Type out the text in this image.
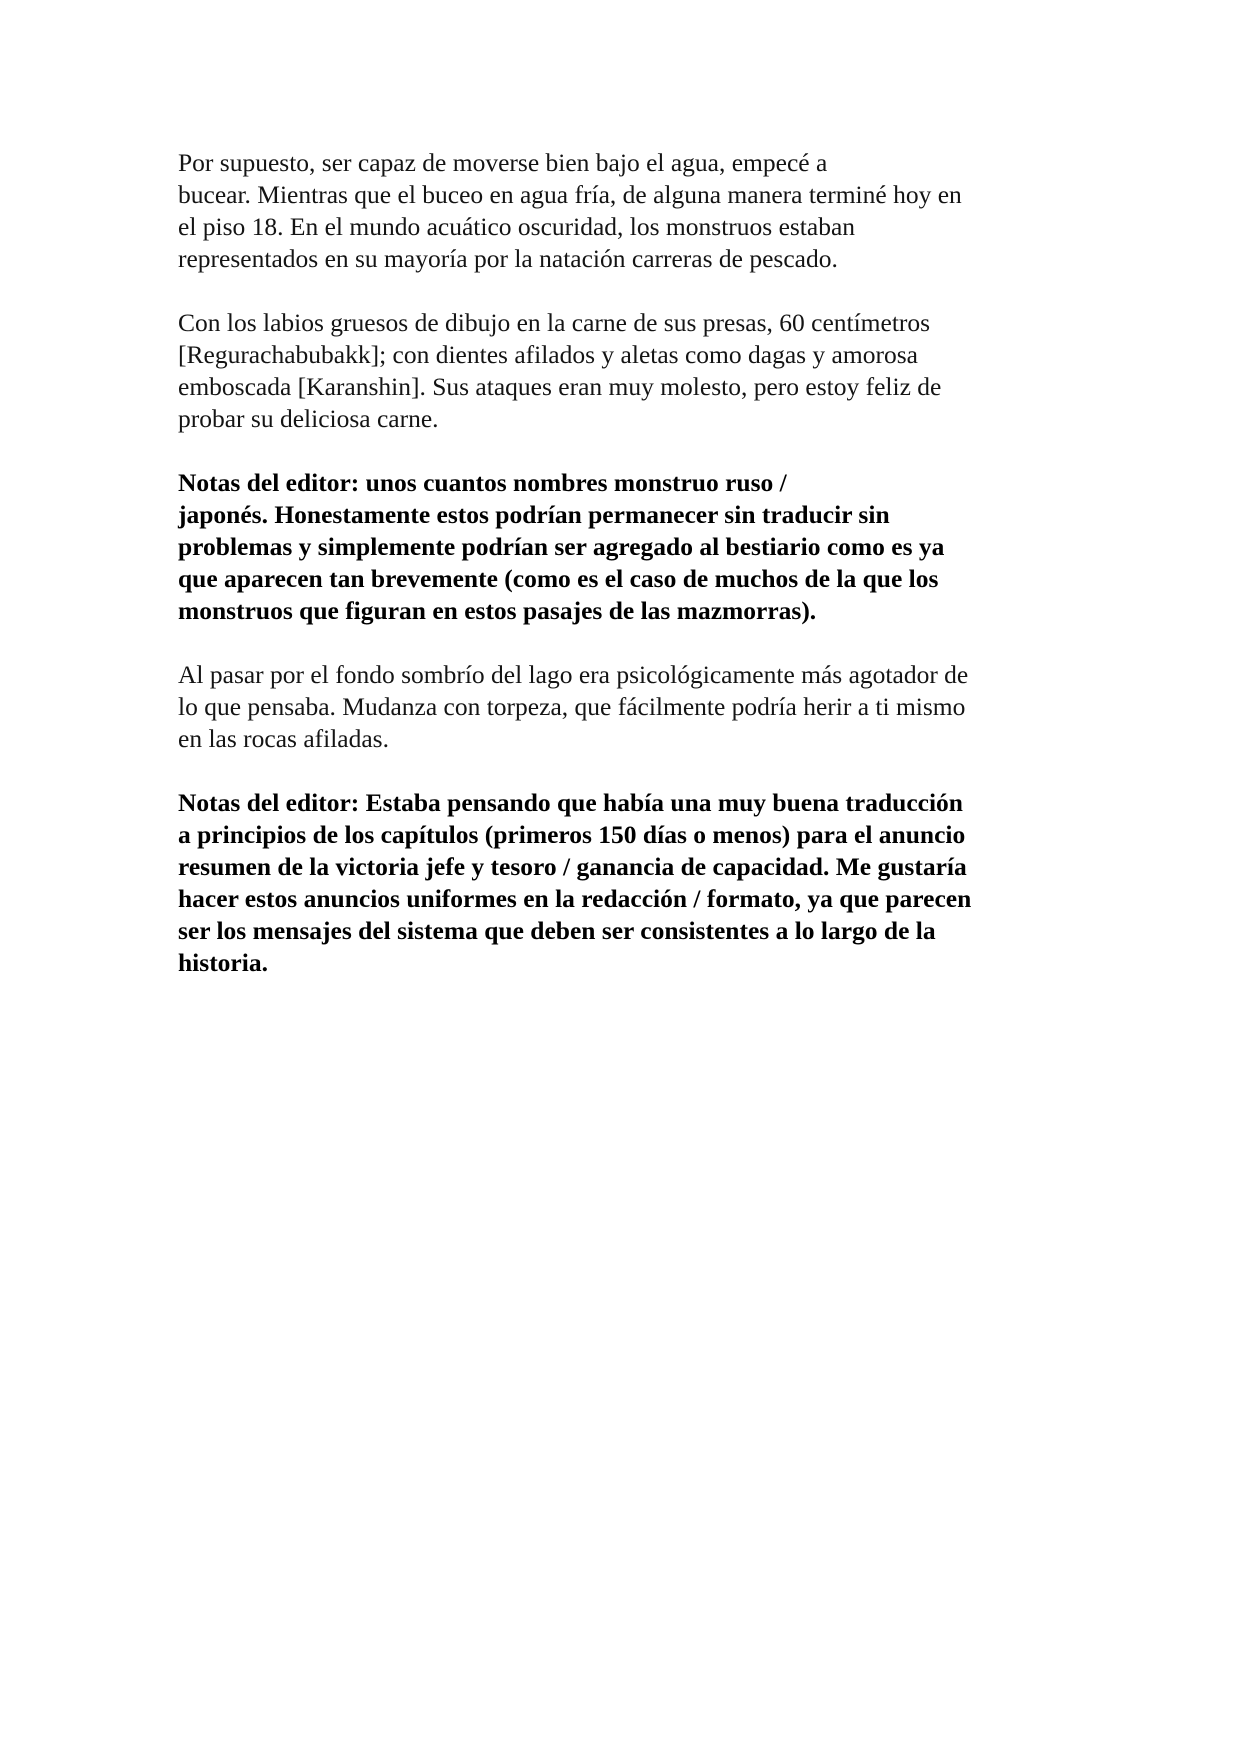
Por supuesto, ser capaz de moverse bien bajo el agua, empecé a
bucear. Mientras que el buceo en agua fría, de alguna manera terminé hoy en
el piso 18. En el mundo acuático oscuridad, los monstruos estaban
representados en su mayoría por la natación carreras de pescado.

Con los labios gruesos de dibujo en la carne de sus presas, 60 centímetros
[Regurachabubakk]; con dientes afilados y aletas como dagas y amorosa
emboscada [Karanshin]. Sus ataques eran muy molesto, pero estoy feliz de
probar su deliciosa carne.

Notas del editor: unos cuantos nombres monstruo ruso /
japonés. Honestamente estos podrían permanecer sin traducir sin
problemas y simplemente podrían ser agregado al bestiario como es ya
que aparecen tan brevemente (como es el caso de muchos de la que los
monstruos que figuran en estos pasajes de las mazmorras).

Al pasar por el fondo sombrío del lago era psicológicamente más agotador de
lo que pensaba. Mudanza con torpeza, que fácilmente podría herir a ti mismo
en las rocas afiladas.

Notas del editor: Estaba pensando que había una muy buena traducción
a principios de los capítulos (primeros 150 días o menos) para el anuncio
resumen de la victoria jefe y tesoro / ganancia de capacidad. Me gustaría
hacer estos anuncios uniformes en la redacción / formato, ya que parecen
ser los mensajes del sistema que deben ser consistentes a lo largo de la
historia.
